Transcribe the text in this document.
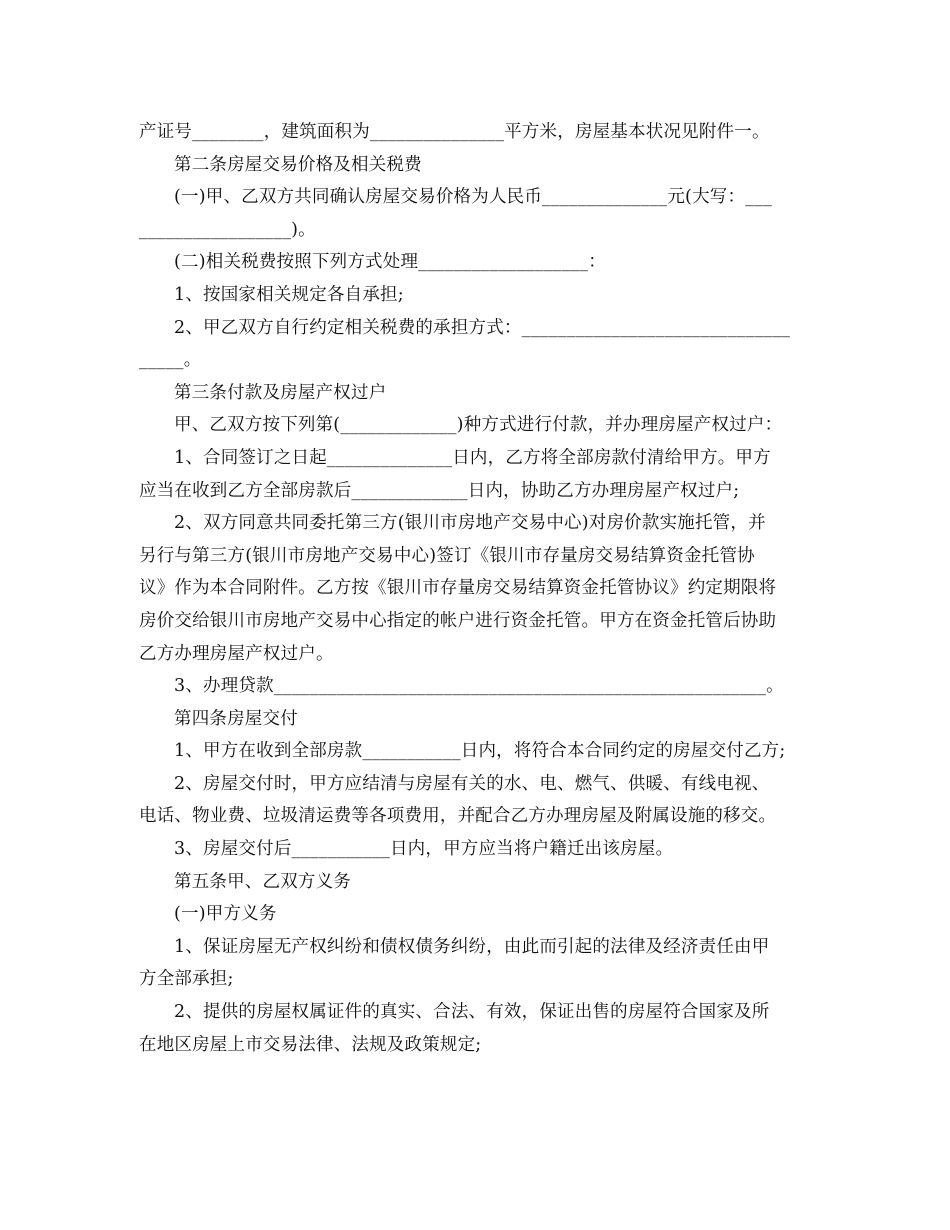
产证号________，建筑面积为_______________平方米，房屋基本状况见附件一。
第二条房屋交易价格及相关税费
(一)甲、乙双方共同确认房屋交易价格为人民币______________元(大写：___
_________________)。
(二)相关税费按照下列方式处理___________________：
1、按国家相关规定各自承担;
2、甲乙双方自行约定相关税费的承担方式：______________________________
_____。
第三条付款及房屋产权过户
甲、乙双方按下列第(_____________)种方式进行付款，并办理房屋产权过户：
1、合同签订之日起______________日内，乙方将全部房款付清给甲方。甲方
应当在收到乙方全部房款后_____________日内，协助乙方办理房屋产权过户;
2、双方同意共同委托第三方(银川市房地产交易中心)对房价款实施托管，并
另行与第三方(银川市房地产交易中心)签订《银川市存量房交易结算资金托管协
议》作为本合同附件。乙方按《银川市存量房交易结算资金托管协议》约定期限将
房价交给银川市房地产交易中心指定的帐户进行资金托管。甲方在资金托管后协助
乙方办理房屋产权过户。
3、办理贷款_______________________________________________________。
第四条房屋交付
1、甲方在收到全部房款___________日内，将符合本合同约定的房屋交付乙方;
2、房屋交付时，甲方应结清与房屋有关的水、电、燃气、供暖、有线电视、
电话、物业费、垃圾清运费等各项费用，并配合乙方办理房屋及附属设施的移交。
3、房屋交付后___________日内，甲方应当将户籍迁出该房屋。
第五条甲、乙双方义务
(一)甲方义务
1、保证房屋无产权纠纷和债权债务纠纷，由此而引起的法律及经济责任由甲
方全部承担;
2、提供的房屋权属证件的真实、合法、有效，保证出售的房屋符合国家及所
在地区房屋上市交易法律、法规及政策规定;
